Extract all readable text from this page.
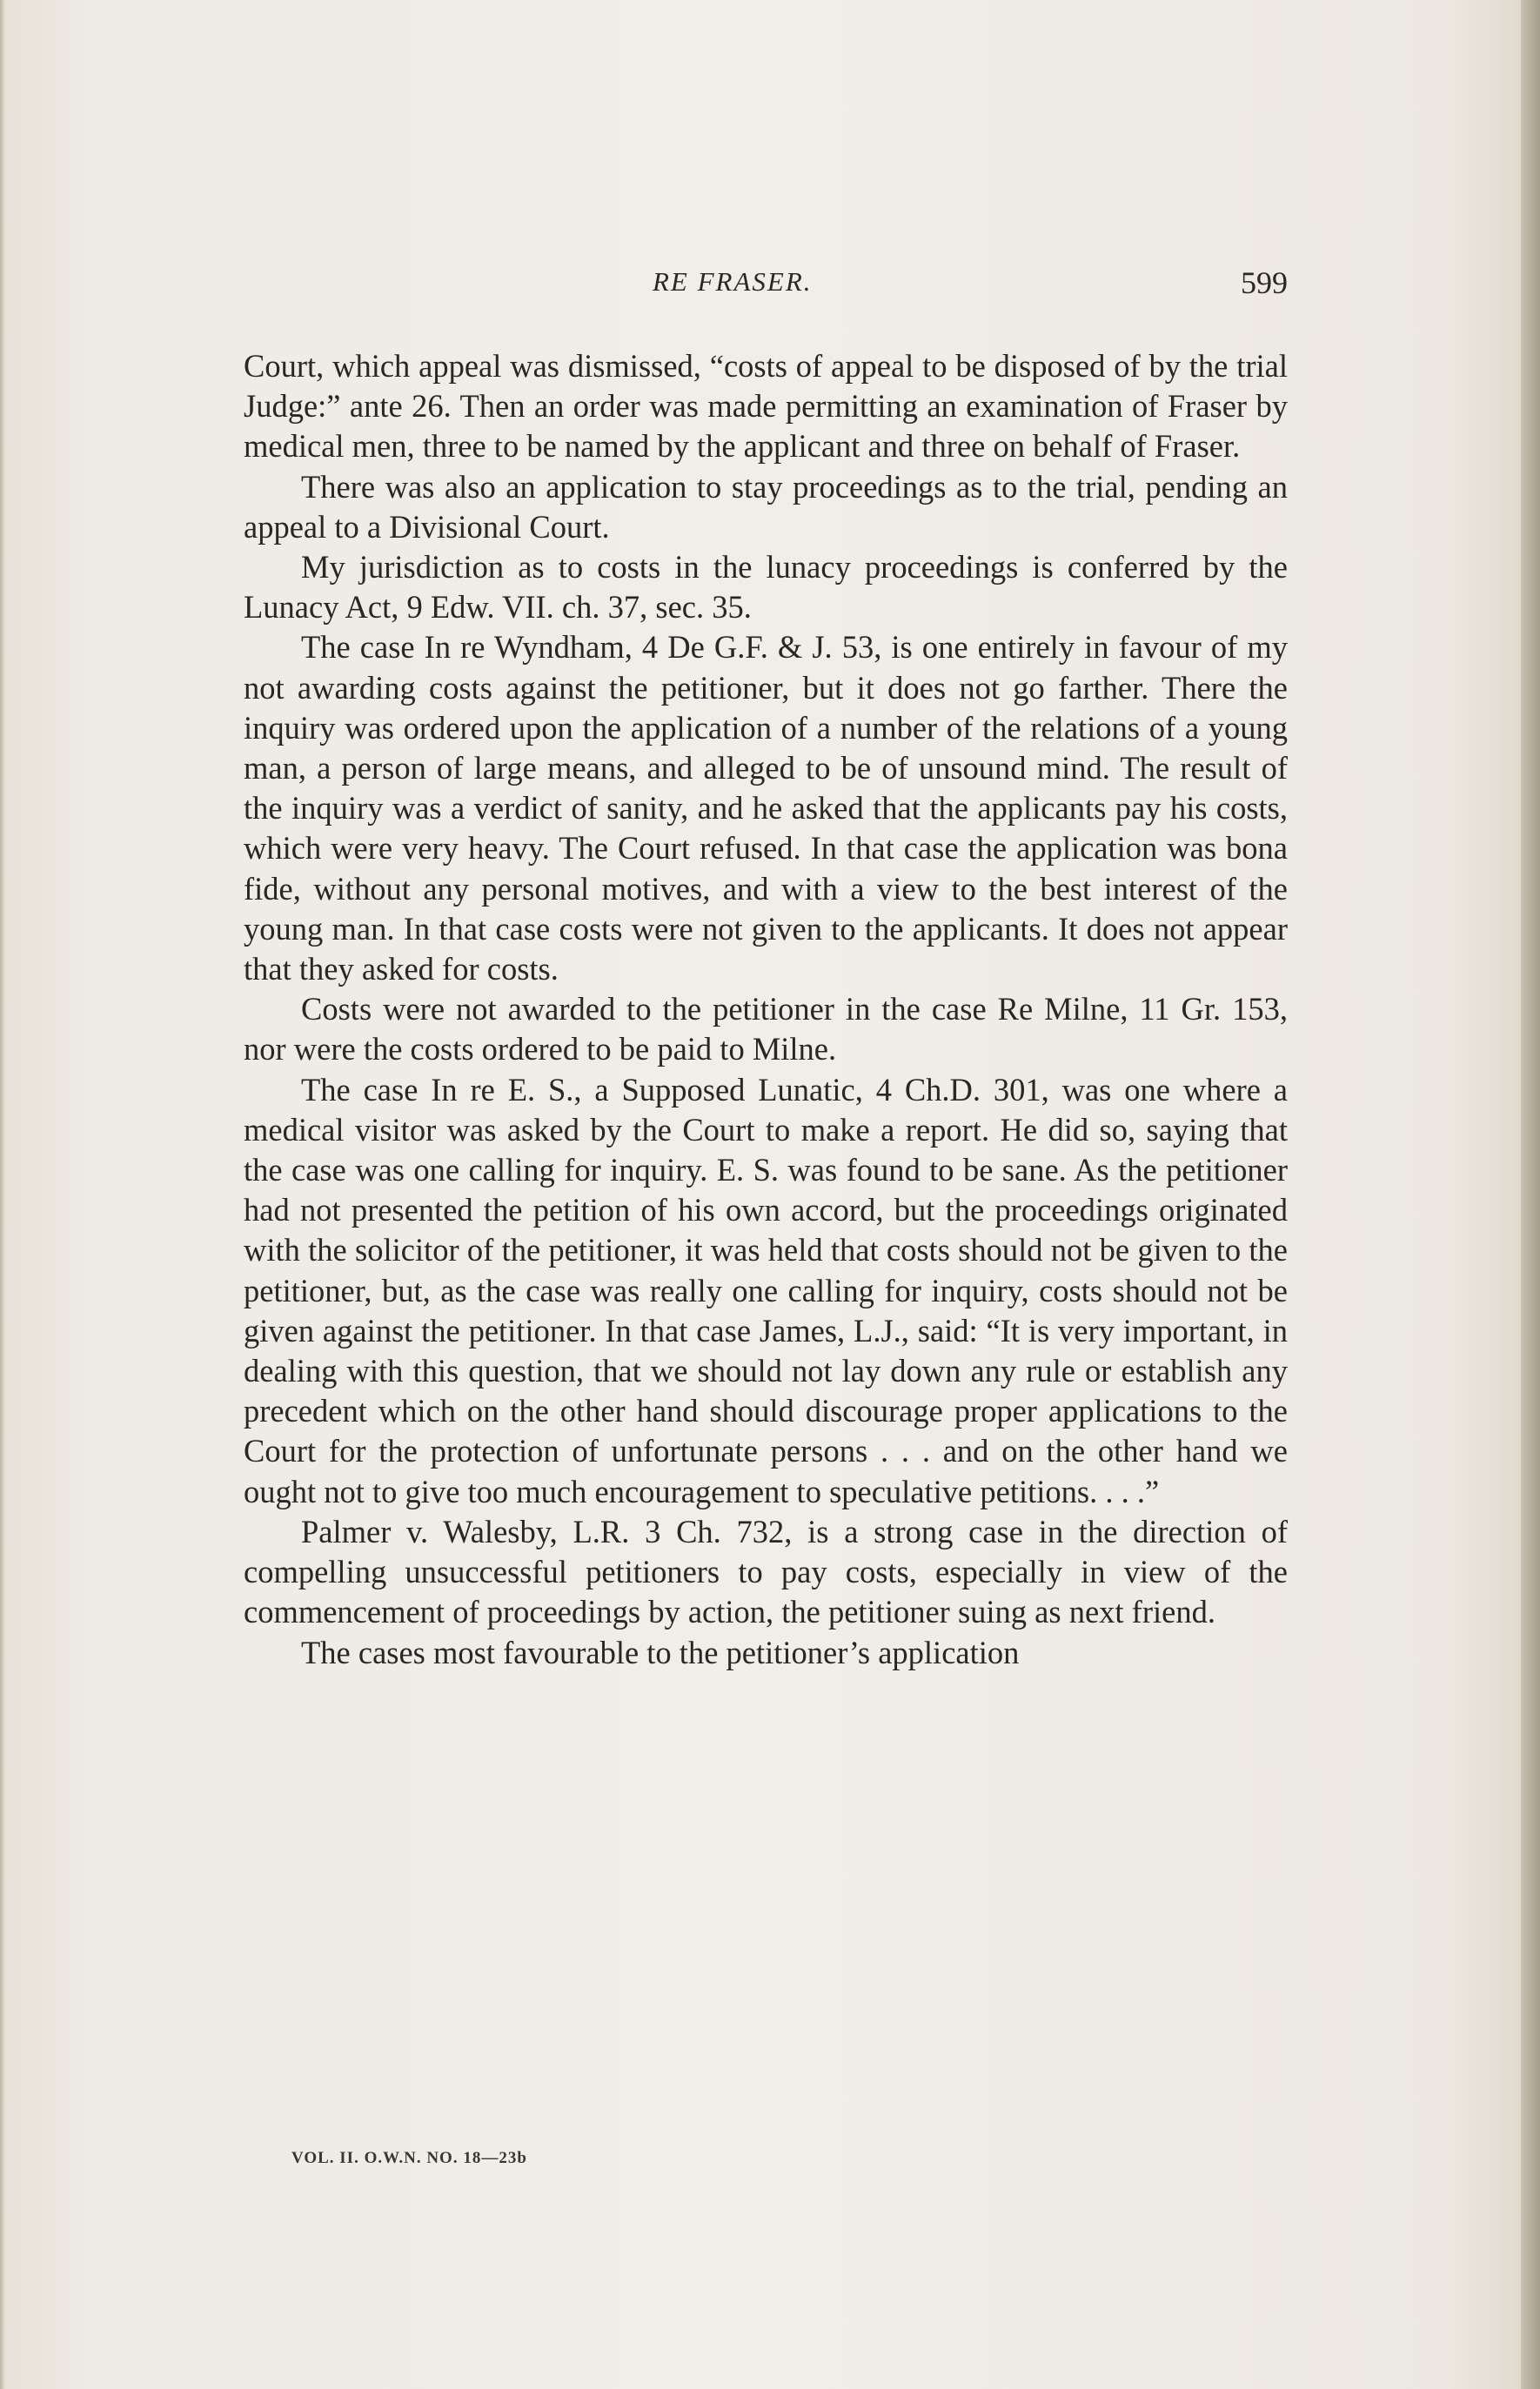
RE FRASER.	599

Court, which appeal was dismissed, “costs of appeal to be disposed of by the trial Judge:” ante 26. Then an order was made permitting an examination of Fraser by medical men, three to be named by the applicant and three on behalf of Fraser.

There was also an application to stay proceedings as to the trial, pending an appeal to a Divisional Court.

My jurisdiction as to costs in the lunacy proceedings is conferred by the Lunacy Act, 9 Edw. VII. ch. 37, sec. 35.

The case In re Wyndham, 4 De G.F. & J. 53, is one entirely in favour of my not awarding costs against the petitioner, but it does not go farther. There the inquiry was ordered upon the application of a number of the relations of a young man, a person of large means, and alleged to be of unsound mind. The result of the inquiry was a verdict of sanity, and he asked that the applicants pay his costs, which were very heavy. The Court refused. In that case the application was bona fide, without any personal motives, and with a view to the best interest of the young man. In that case costs were not given to the applicants. It does not appear that they asked for costs.

Costs were not awarded to the petitioner in the case Re Milne, 11 Gr. 153, nor were the costs ordered to be paid to Milne.

The case In re E. S., a Supposed Lunatic, 4 Ch.D. 301, was one where a medical visitor was asked by the Court to make a report. He did so, saying that the case was one calling for inquiry. E. S. was found to be sane. As the petitioner had not presented the petition of his own accord, but the proceedings originated with the solicitor of the petitioner, it was held that costs should not be given to the petitioner, but, as the case was really one calling for inquiry, costs should not be given against the petitioner. In that case James, L.J., said: “It is very important, in dealing with this question, that we should not lay down any rule or establish any precedent which on the other hand should discourage proper applications to the Court for the protection of unfortunate persons . . . and on the other hand we ought not to give too much encouragement to speculative petitions. . . .”

Palmer v. Walesby, L.R. 3 Ch. 732, is a strong case in the direction of compelling unsuccessful petitioners to pay costs, especially in view of the commencement of proceedings by action, the petitioner suing as next friend.

The cases most favourable to the petitioner’s application

VOL. II. O.W.N. NO. 18—23b
